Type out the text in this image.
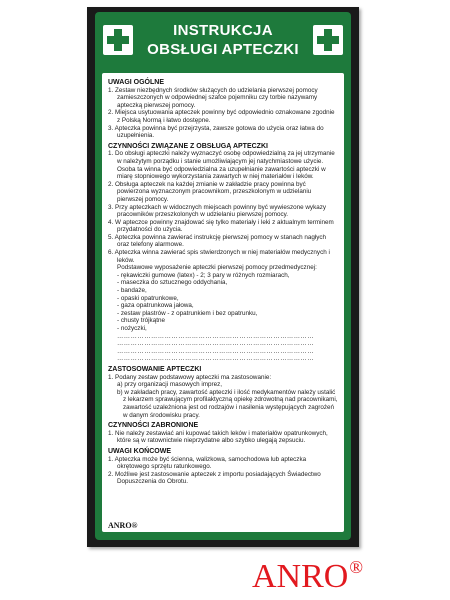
INSTRUKCJA
OBSŁUGI APTECZKI
UWAGI OGÓLNE
1. Zestaw niezbędnych środków służących do udzielania pierwszej pomocy zamieszczonych w odpowiednej szafce pojemniku czy torbie nazywamy apteczką pierwszej pomocy.
2. Miejsca usytuowania apteczek powinny być odpowiednio oznakowane zgodnie z Polską Normą i łatwo dostępne.
3. Apteczka powinna być przejrzysta, zawsze gotowa do użycia oraz łatwa do uzupełnienia.
CZYNNOŚCI ZWIĄZANE Z OBSŁUGĄ APTECZKI
1. Do obsługi apteczki należy wyznaczyć osobę odpowiedzialną za jej utrzymanie w należytym porządku i stanie umożliwiającym jej natychmiastowe użycie. Osoba ta winna być odpowiedzialna za uzupełnianie zawartości apteczki w miarę stopniowego wykorzystania zawartych w niej materiałów i leków.
2. Obsługa apteczek na każdej zmianie w zakładzie pracy powinna być powierzona wyznaczonym pracownikom, przeszkolonym w udzielaniu pierwszej pomocy.
3. Przy apteczkach w widocznych miejscach powinny być wywieszone wykazy pracowników przeszkolonych w udzielaniu pierwszej pomocy.
4. W apteczce powinny znajdować się tylko materiały i leki z aktualnym terminem przydatności do użycia.
5. Apteczka powinna zawierać instrukcję pierwszej pomocy w stanach nagłych oraz telefony alarmowe.
6. Apteczka winna zawierać spis stwierdzonych w niej materiałów medycznych i leków.
Podstawowe wyposażenie apteczki pierwszej pomocy przedmedycznej:
- rękawiczki gumowe (latex) - 2; 3 pary w różnych rozmiarach,
- maseczka do sztucznego oddychania,
- bandaże,
- opaski opatrunkowe,
- gaza opatrunkowa jałowa,
- zestaw plastrów - z opatrunkiem i bez opatrunku,
- chusty trójkątne
- nożyczki,
……………………………………………………………………………
……………………………………………………………………………
……………………………………………………………………………
……………………………………………………………………………
ZASTOSOWANIE APTECZKI
1. Podany zestaw podstawowy apteczki ma zastosowanie:
a) przy organizacji masowych imprez,
b) w zakładach pracy, zawartość apteczki i ilość medykamentów należy ustalić z lekarzem sprawującym profilaktyczną opiekę zdrowotną nad pracownikami, zawartość uzależniona jest od rodzajów i nasilenia występujących zagrożeń w danym środowisku pracy.
CZYNNOŚCI ZABRONIONE
1. Nie należy zestawiać ani kupować takich leków i materiałów opatrunkowych, które są w ratownictwie nieprzydatne albo szybko ulegają zepsuciu.
UWAGI KOŃCOWE
1. Apteczka może być ścienna, walizkowa, samochodowa lub apteczka okrętowego sprzętu ratunkowego.
2. Możliwe jest zastosowanie apteczek z importu posiadających Świadectwo Dopuszczenia do Obrotu.
ANRO®
ANRO®
